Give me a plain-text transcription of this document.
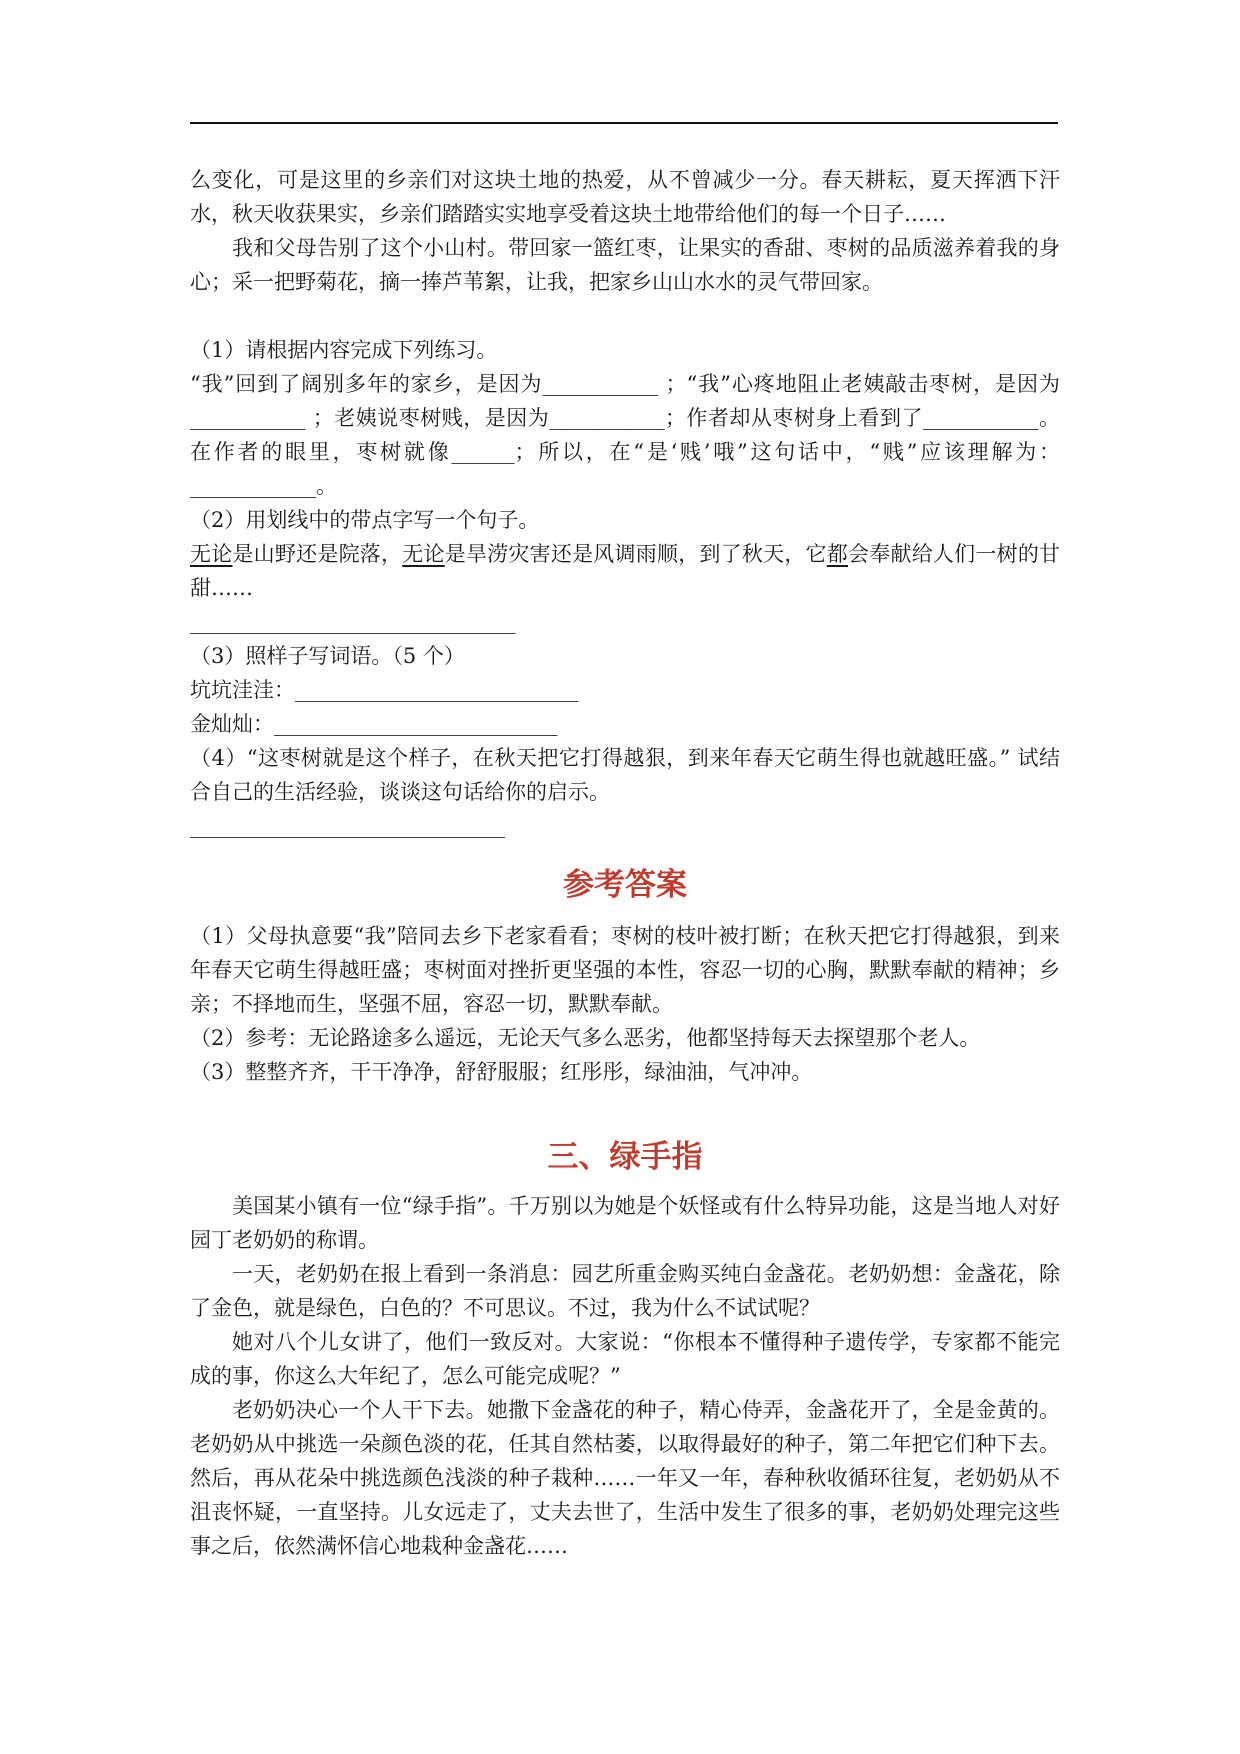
么变化，可是这里的乡亲们对这块土地的热爱，从不曾减少一分。春天耕耘，夏天挥洒下汗水，秋天收获果实，乡亲们踏踏实实地享受着这块土地带给他们的每一个日子……

我和父母告别了这个小山村。带回家一篮红枣，让果实的香甜、枣树的品质滋养着我的身心；采一把野菊花，摘一捧芦苇絮，让我，把家乡山山水水的灵气带回家。

（1）请根据内容完成下列练习。

“我”回到了阔别多年的家乡，是因为___________ ；“我”心疼地阻止老姨敲击枣树，是因为___________ ；老姨说枣树贱，是因为___________；作者却从枣树身上看到了___________。在作者的眼里，枣树就像______；所以，在“是‘贱’哦”这句话中，“贱”应该理解为：____________。

（2）用划线中的带点字写一个句子。

无论是山野还是院落，无论是旱涝灾害还是风调雨顺，到了秋天，它都会奉献给人们一树的甘甜……

_______________________________

（3）照样子写词语。（5 个）

坑坑洼洼：___________________________

金灿灿：___________________________

（4）“这枣树就是这个样子，在秋天把它打得越狠，到来年春天它萌生得也就越旺盛。” 试结合自己的生活经验，谈谈这句话给你的启示。

______________________________

参考答案

（1）父母执意要“我”陪同去乡下老家看看；枣树的枝叶被打断；在秋天把它打得越狠，到来年春天它萌生得越旺盛；枣树面对挫折更坚强的本性，容忍一切的心胸，默默奉献的精神；乡亲；不择地而生，坚强不屈，容忍一切，默默奉献。

（2）参考：无论路途多么遥远，无论天气多么恶劣，他都坚持每天去探望那个老人。

（3）整整齐齐，干干净净，舒舒服服；红彤彤，绿油油，气冲冲。

三、绿手指

美国某小镇有一位“绿手指”。千万别以为她是个妖怪或有什么特异功能，这是当地人对好园丁老奶奶的称谓。

一天，老奶奶在报上看到一条消息：园艺所重金购买纯白金盏花。老奶奶想：金盏花，除了金色，就是绿色，白色的？不可思议。不过，我为什么不试试呢？

她对八个儿女讲了，他们一致反对。大家说：“你根本不懂得种子遗传学，专家都不能完成的事，你这么大年纪了，怎么可能完成呢？”

老奶奶决心一个人干下去。她撒下金盏花的种子，精心侍弄，金盏花开了，全是金黄的。老奶奶从中挑选一朵颜色淡的花，任其自然枯萎，以取得最好的种子，第二年把它们种下去。然后，再从花朵中挑选颜色浅淡的种子栽种……一年又一年，春种秋收循环往复，老奶奶从不沮丧怀疑，一直坚持。儿女远走了，丈夫去世了，生活中发生了很多的事，老奶奶处理完这些事之后，依然满怀信心地栽种金盏花……
